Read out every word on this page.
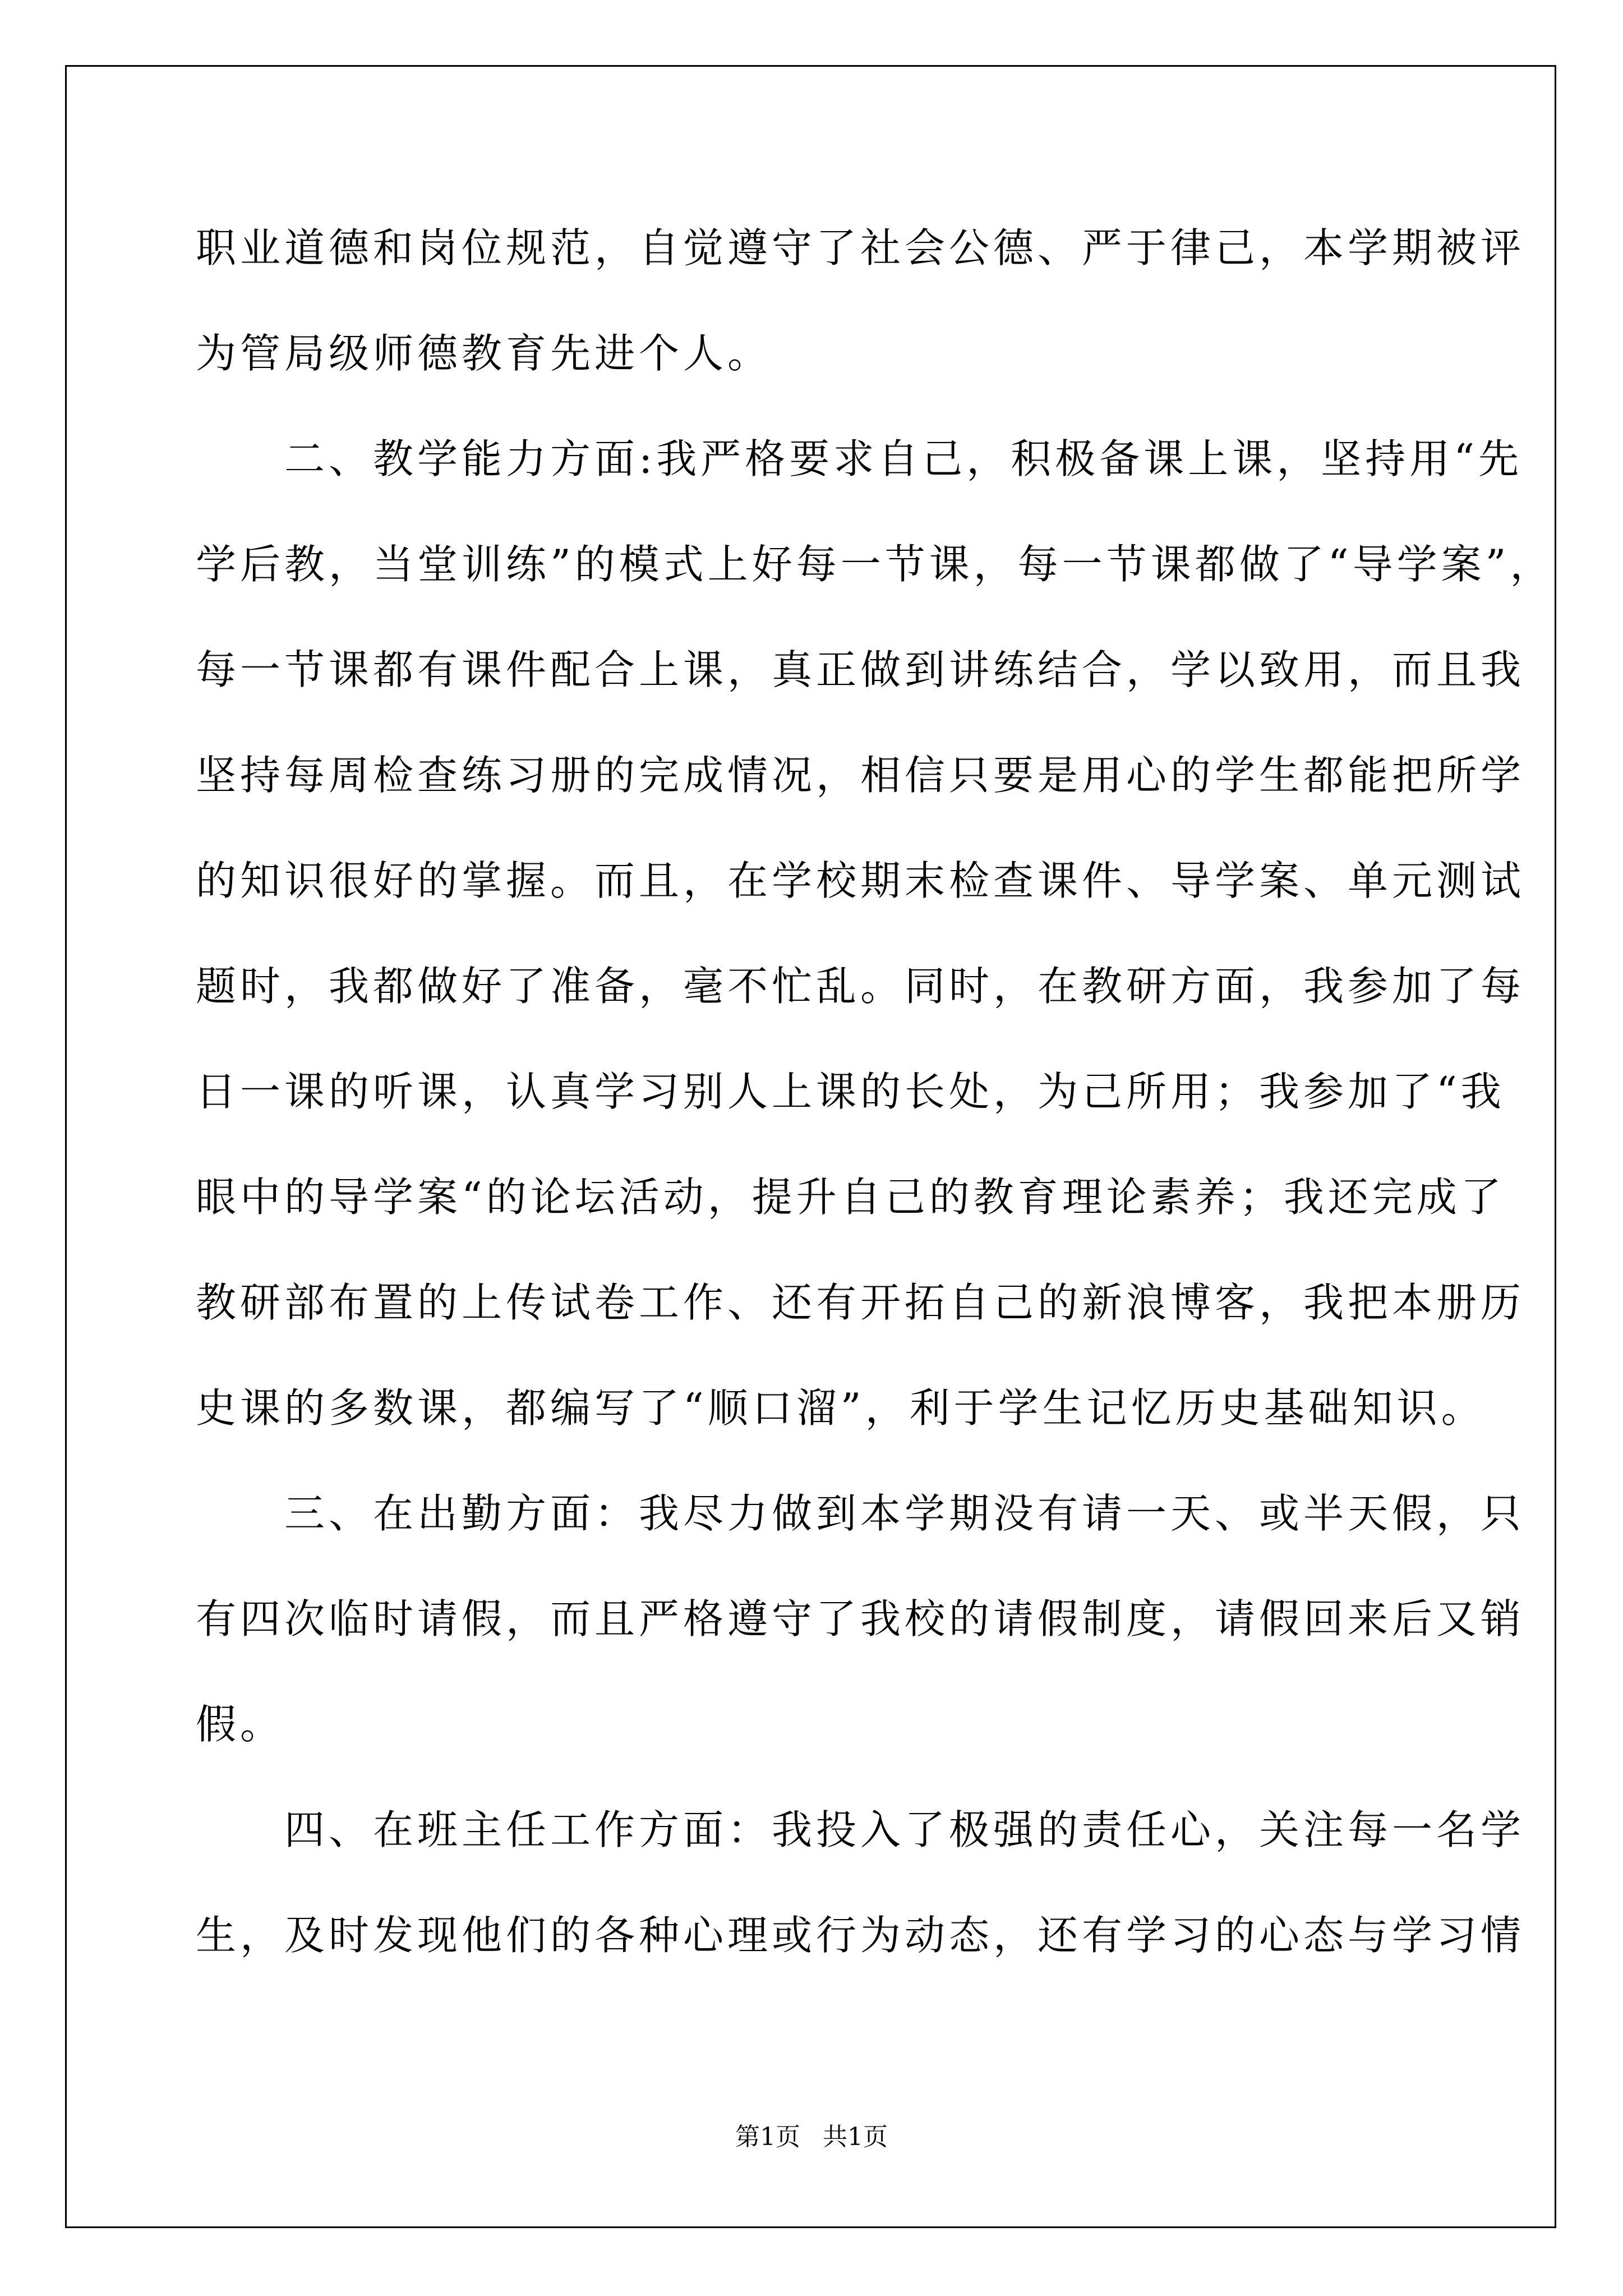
职业道德和岗位规范，自觉遵守了社会公德、严于律己，本学期被评
为管局级师德教育先进个人。
　　二、教学能力方面:我严格要求自己，积极备课上课，坚持用“先
学后教，当堂训练”的模式上好每一节课，每一节课都做了“导学案”，
每一节课都有课件配合上课，真正做到讲练结合，学以致用，而且我
坚持每周检查练习册的完成情况，相信只要是用心的学生都能把所学
的知识很好的掌握。而且，在学校期末检查课件、导学案、单元测试
题时，我都做好了准备，毫不忙乱。同时，在教研方面，我参加了每
日一课的听课，认真学习别人上课的长处，为己所用；我参加了“我
眼中的导学案“的论坛活动，提升自己的教育理论素养；我还完成了
教研部布置的上传试卷工作、还有开拓自己的新浪博客，我把本册历
史课的多数课，都编写了“顺口溜”，利于学生记忆历史基础知识。
　　三、在出勤方面：我尽力做到本学期没有请一天、或半天假，只
有四次临时请假，而且严格遵守了我校的请假制度，请假回来后又销
假。
　　四、在班主任工作方面：我投入了极强的责任心，关注每一名学
生，及时发现他们的各种心理或行为动态，还有学习的心态与学习情
第1页 共1页
